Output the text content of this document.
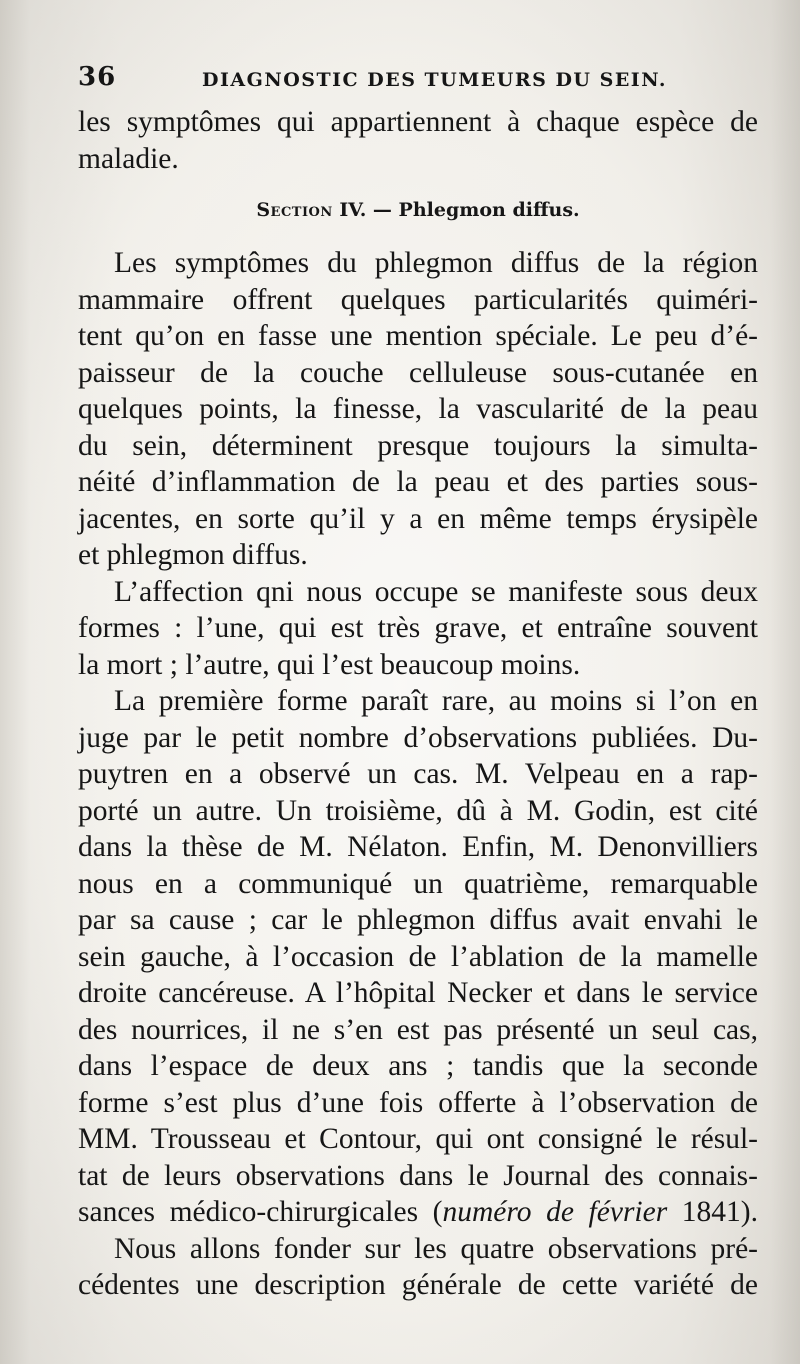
36	DIAGNOSTIC DES TUMEURS DU SEIN.

les symptômes qui appartiennent à chaque espèce de
maladie.

Section IV. — Phlegmon diffus.

Les symptômes du phlegmon diffus de la région
mammaire offrent quelques particularités quiméri-
tent qu’on en fasse une mention spéciale. Le peu d’é-
paisseur de la couche celluleuse sous-cutanée en
quelques points, la finesse, la vascularité de la peau
du sein, déterminent presque toujours la simulta-
néité d’inflammation de la peau et des parties sous-
jacentes, en sorte qu’il y a en même temps érysipèle
et phlegmon diffus.

L’affection qni nous occupe se manifeste sous deux
formes : l’une, qui est très grave, et entraîne souvent
la mort ; l’autre, qui l’est beaucoup moins.

La première forme paraît rare, au moins si l’on en
juge par le petit nombre d’observations publiées. Du-
puytren en a observé un cas. M. Velpeau en a rap-
porté un autre. Un troisième, dû à M. Godin, est cité
dans la thèse de M. Nélaton. Enfin, M. Denonvilliers
nous en a communiqué un quatrième, remarquable
par sa cause ; car le phlegmon diffus avait envahi le
sein gauche, à l’occasion de l’ablation de la mamelle
droite cancéreuse. A l’hôpital Necker et dans le service
des nourrices, il ne s’en est pas présenté un seul cas,
dans l’espace de deux ans ; tandis que la seconde
forme s’est plus d’une fois offerte à l’observation de
MM. Trousseau et Contour, qui ont consigné le résul-
tat de leurs observations dans le Journal des connais-
sances médico-chirurgicales (numéro de février 1841).

Nous allons fonder sur les quatre observations pré-
cédentes une description générale de cette variété de
